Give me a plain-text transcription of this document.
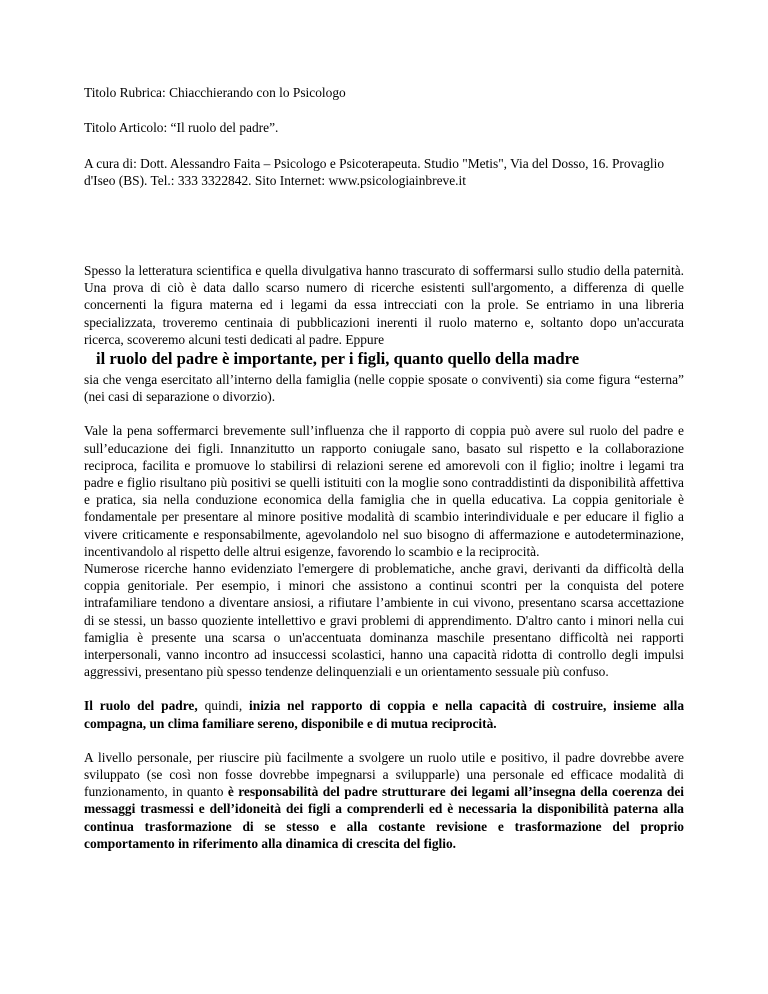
Titolo Rubrica: Chiacchierando con lo Psicologo

Titolo Articolo: “Il ruolo del padre”.

A cura di: Dott. Alessandro Faita – Psicologo e Psicoterapeuta. Studio "Metis", Via del Dosso, 16. Provaglio d'Iseo (BS). Tel.: 333 3322842. Sito Internet: www.psicologiainbreve.it

Spesso la letteratura scientifica e quella divulgativa hanno trascurato di soffermarsi sullo studio della paternità. Una prova di ciò è data dallo scarso numero di ricerche esistenti sull'argomento, a differenza di quelle concernenti la figura materna ed i legami da essa intrecciati con la prole. Se entriamo in una libreria specializzata, troveremo centinaia di pubblicazioni inerenti il ruolo materno e, soltanto dopo un'accurata ricerca, scoveremo alcuni testi dedicati al padre. Eppure

il ruolo del padre è importante, per i figli, quanto quello della madre

sia che venga esercitato all’interno della famiglia (nelle coppie sposate o conviventi) sia come figura “esterna” (nei casi di separazione o divorzio).

Vale la pena soffermarci brevemente sull’influenza che il rapporto di coppia può avere sul ruolo del padre e sull’educazione dei figli. Innanzitutto un rapporto coniugale sano, basato sul rispetto e la collaborazione reciproca, facilita e promuove lo stabilirsi di relazioni serene ed amorevoli con il figlio; inoltre i legami tra padre e figlio risultano più positivi se quelli istituiti con la moglie sono contraddistinti da disponibilità affettiva e pratica, sia nella conduzione economica della famiglia che in quella educativa. La coppia genitoriale è fondamentale per presentare al minore positive modalità di scambio interindividuale e per educare il figlio a vivere criticamente e responsabilmente, agevolandolo nel suo bisogno di affermazione e autodeterminazione, incentivandolo al rispetto delle altrui esigenze, favorendo lo scambio e la reciprocità.

Numerose ricerche hanno evidenziato l'emergere di problematiche, anche gravi, derivanti da difficoltà della coppia genitoriale. Per esempio, i minori che assistono a continui scontri per la conquista del potere intrafamiliare tendono a diventare ansiosi, a rifiutare l’ambiente in cui vivono, presentano scarsa accettazione di se stessi, un basso quoziente intellettivo e gravi problemi di apprendimento. D'altro canto i minori nella cui famiglia è presente una scarsa o un'accentuata dominanza maschile presentano difficoltà nei rapporti interpersonali, vanno incontro ad insuccessi scolastici, hanno una capacità ridotta di controllo degli impulsi aggressivi, presentano più spesso tendenze delinquenziali e un orientamento sessuale più confuso.

Il ruolo del padre, quindi, inizia nel rapporto di coppia e nella capacità di costruire, insieme alla compagna, un clima familiare sereno, disponibile e di mutua reciprocità.

A livello personale, per riuscire più facilmente a svolgere un ruolo utile e positivo, il padre dovrebbe avere sviluppato (se così non fosse dovrebbe impegnarsi a svilupparle) una personale ed efficace modalità di funzionamento, in quanto è responsabilità del padre strutturare dei legami all’insegna della coerenza dei messaggi trasmessi e dell’idoneità dei figli a comprenderli ed è necessaria la disponibilità paterna alla continua trasformazione di se stesso e alla costante revisione e trasformazione del proprio comportamento in riferimento alla dinamica di crescita del figlio.
